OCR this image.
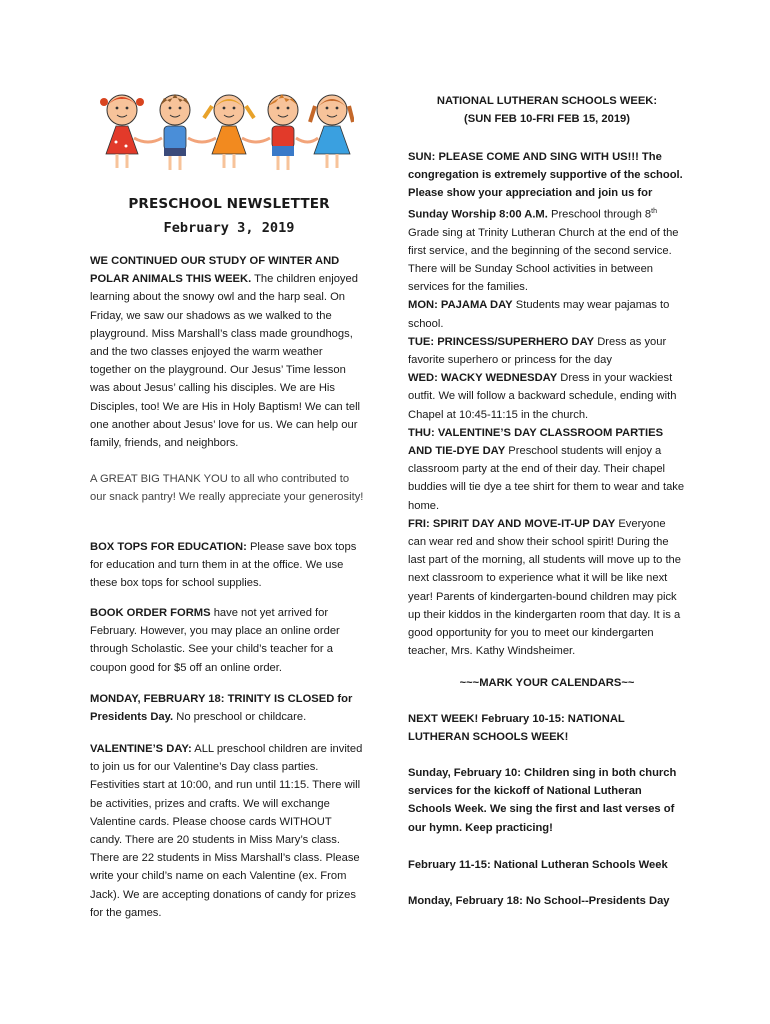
PRESCHOOL NEWSLETTER
February 3, 2019

WE CONTINUED OUR STUDY OF WINTER AND POLAR ANIMALS THIS WEEK. The children enjoyed learning about the snowy owl and the harp seal. On Friday, we saw our shadows as we walked to the playground. Miss Marshall’s class made groundhogs, and the two classes enjoyed the warm weather together on the playground. Our Jesus’ Time lesson was about Jesus’ calling his disciples. We are His Disciples, too! We are His in Holy Baptism! We can tell one another about Jesus’ love for us. We can help our family, friends, and neighbors.

A GREAT BIG THANK YOU to all who contributed to our snack pantry! We really appreciate your generosity!

BOX TOPS FOR EDUCATION: Please save box tops for education and turn them in at the office. We use these box tops for school supplies.

BOOK ORDER FORMS have not yet arrived for February. However, you may place an online order through Scholastic. See your child’s teacher for a coupon good for $5 off an online order.

MONDAY, FEBRUARY 18: TRINITY IS CLOSED for Presidents Day. No preschool or childcare.

VALENTINE’S DAY: ALL preschool children are invited to join us for our Valentine’s Day class parties. Festivities start at 10:00, and run until 11:15. There will be activities, prizes and crafts. We will exchange Valentine cards. Please choose cards WITHOUT candy. There are 20 students in Miss Mary’s class. There are 22 students in Miss Marshall’s class. Please write your child’s name on each Valentine (ex. From Jack). We are accepting donations of candy for prizes for the games.

NATIONAL LUTHERAN SCHOOLS WEEK:

(SUN FEB 10-FRI FEB 15, 2019)

SUN: PLEASE COME AND SING WITH US!!! The congregation is extremely supportive of the school. Please show your appreciation and join us for Sunday Worship 8:00 A.M. Preschool through 8th Grade sing at Trinity Lutheran Church at the end of the first service, and the beginning of the second service. There will be Sunday School activities in between services for the families.

MON: PAJAMA DAY Students may wear pajamas to school.

TUE: PRINCESS/SUPERHERO DAY Dress as your favorite superhero or princess for the day

WED: WACKY WEDNESDAY Dress in your wackiest outfit. We will follow a backward schedule, ending with Chapel at 10:45-11:15 in the church.

THU: VALENTINE’S DAY CLASSROOM PARTIES AND TIE-DYE DAY Preschool students will enjoy a classroom party at the end of their day. Their chapel buddies will tie dye a tee shirt for them to wear and take home.

FRI: SPIRIT DAY AND MOVE-IT-UP DAY Everyone can wear red and show their school spirit! During the last part of the morning, all students will move up to the next classroom to experience what it will be like next year! Parents of kindergarten-bound children may pick up their kiddos in the kindergarten room that day. It is a good opportunity for you to meet our kindergarten teacher, Mrs. Kathy Windsheimer.

~~~MARK YOUR CALENDARS~~

NEXT WEEK! February 10-15: NATIONAL LUTHERAN SCHOOLS WEEK!

Sunday, February 10: Children sing in both church services for the kickoff of National Lutheran Schools Week. We sing the first and last verses of our hymn. Keep practicing!

February 11-15: National Lutheran Schools Week

Monday, February 18: No School--Presidents Day
